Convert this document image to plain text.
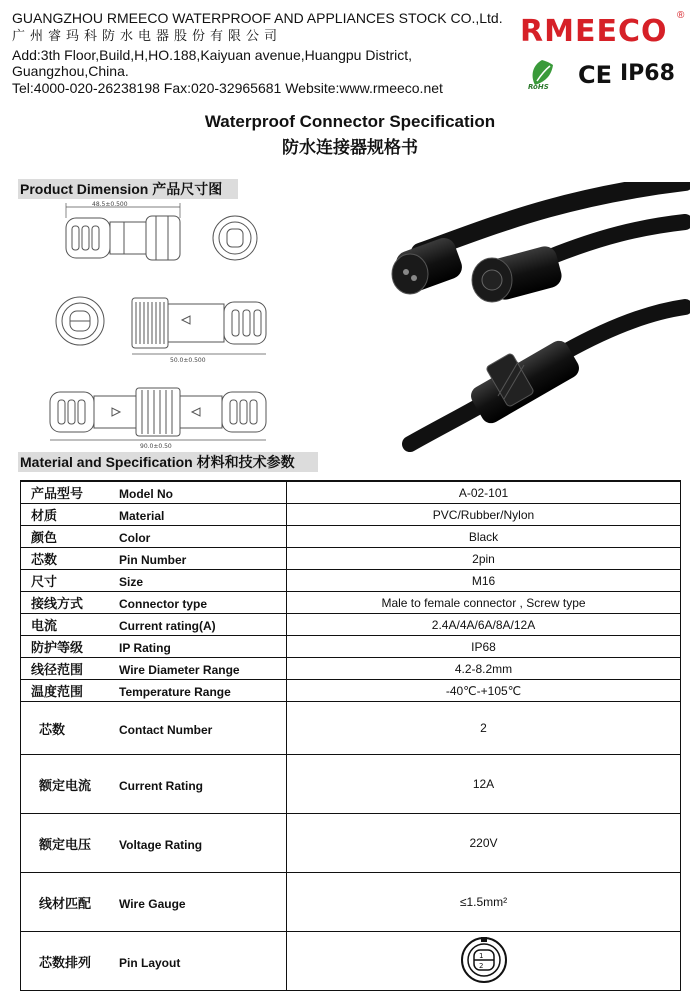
GUANGZHOU RMEECO WATERPROOF AND APPLIANCES STOCK CO.,Ltd.
广州睿玛科防水电器股份有限公司
Add:3th Floor,Build,H,HO.188,Kaiyuan avenue,Huangpu District,
Guangzhou,China.
Tel:4000-020-26238198 Fax:020-32965681 Website:www.rmeeco.net
RMEECO ®
RoHS CE IP68
Waterproof Connector Specification
防水连接器规格书
Product Dimension 产品尺寸图
48.5±0.500
50.0±0.500
90.0±0.50
Material and Specification 材料和技术参数
产品型号 Model No	A-02-101
材质 Material	PVC/Rubber/Nylon
颜色 Color	Black
芯数 Pin Number	2pin
尺寸 Size	M16
接线方式 Connector type	Male to female connector , Screw type
电流 Current rating(A)	2.4A/4A/6A/8A/12A
防护等级 IP Rating	IP68
线径范围 Wire Diameter Range	4.2-8.2mm
温度范围 Temperature Range	-40℃-+105℃
芯数 Contact Number	2
额定电流 Current Rating	12A
额定电压 Voltage Rating	220V
线材匹配 Wire Gauge	≤1.5mm²
芯数排列 Pin Layout	1
2
